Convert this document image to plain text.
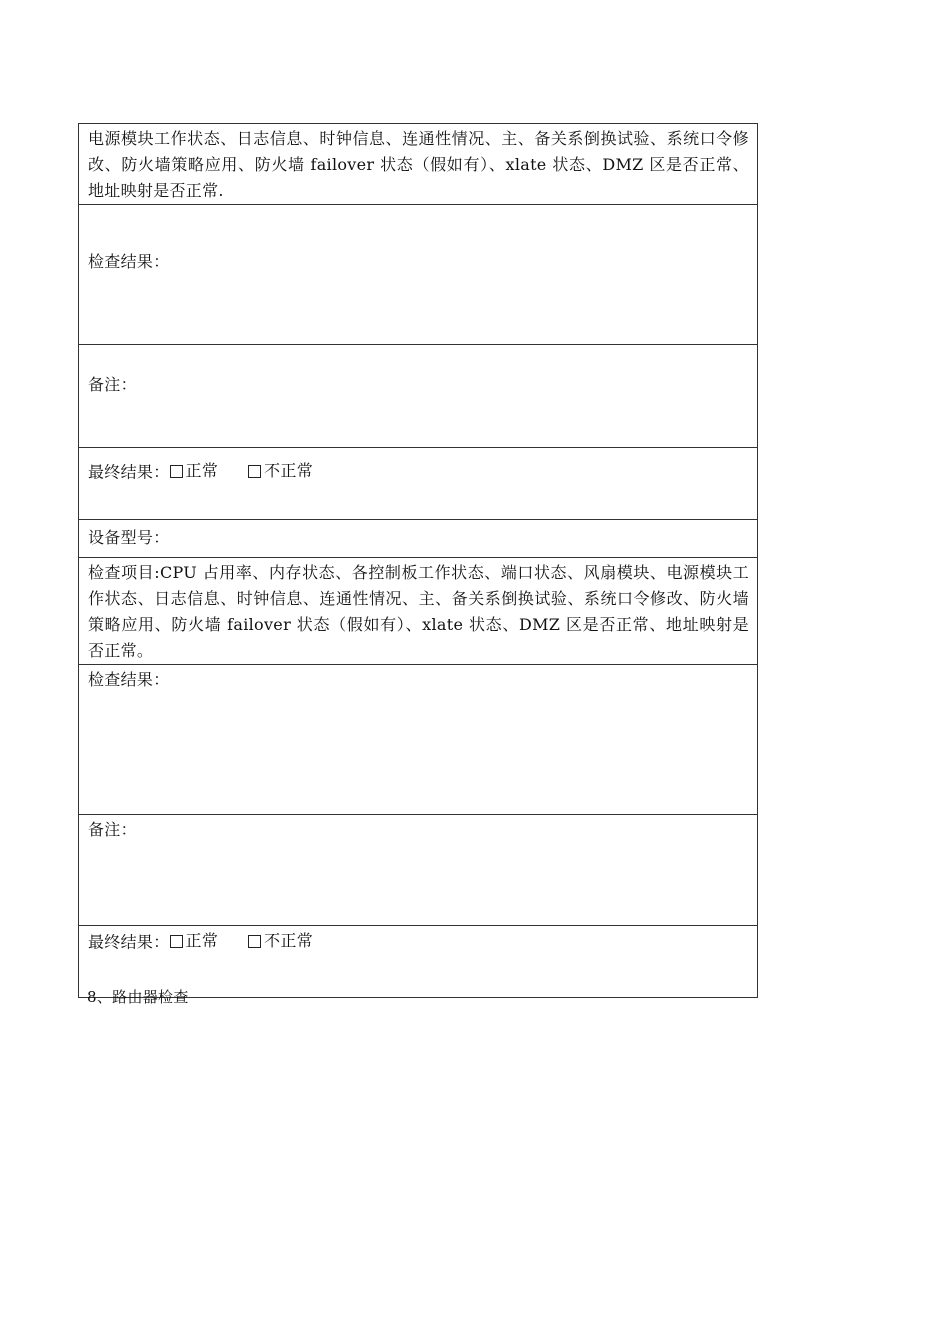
电源模块工作状态、日志信息、时钟信息、连通性情况、主、备关系倒换试验、系统口令修改、防火墙策略应用、防火墙 failover 状态（假如有）、xlate 状态、DMZ 区是否正常、地址映射是否正常.
检查结果：
备注：
最终结果： 正常	不正常

设备型号：
检查项目:CPU 占用率、内存状态、各控制板工作状态、端口状态、风扇模块、电源模块工作状态、日志信息、时钟信息、连通性情况、主、备关系倒换试验、系统口令修改、防火墙策略应用、防火墙 failover 状态（假如有）、xlate 状态、DMZ 区是否正常、地址映射是否正常。
检查结果：
备注：
最终结果： 正常	不正常
8、路由器检查
